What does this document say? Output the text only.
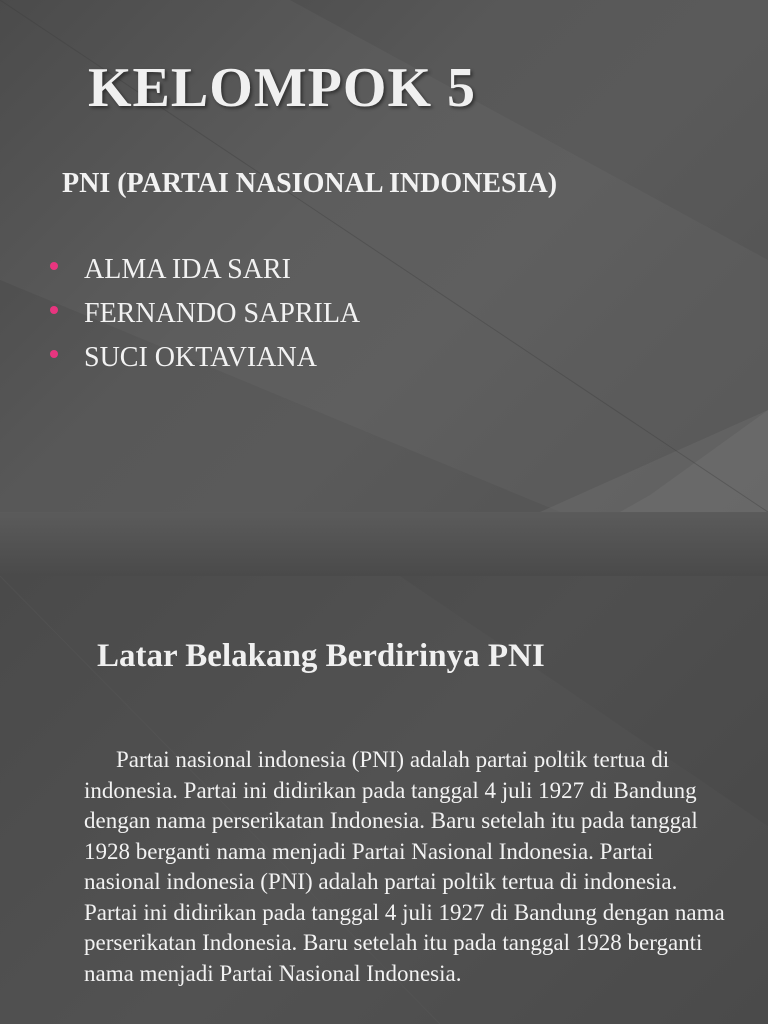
KELOMPOK 5
PNI (PARTAI NASIONAL INDONESIA)
ALMA IDA SARI
FERNANDO SAPRILA
SUCI OKTAVIANA
Latar Belakang Berdirinya PNI

Partai nasional indonesia (PNI) adalah partai poltik tertua di indonesia. Partai ini didirikan pada tanggal 4 juli 1927 di Bandung dengan nama perserikatan Indonesia. Baru setelah itu pada tanggal 1928 berganti nama menjadi Partai Nasional Indonesia. Partai nasional indonesia (PNI) adalah partai poltik tertua di indonesia. Partai ini didirikan pada tanggal 4 juli 1927 di Bandung dengan nama perserikatan Indonesia. Baru setelah itu pada tanggal 1928 berganti nama menjadi Partai Nasional Indonesia.
